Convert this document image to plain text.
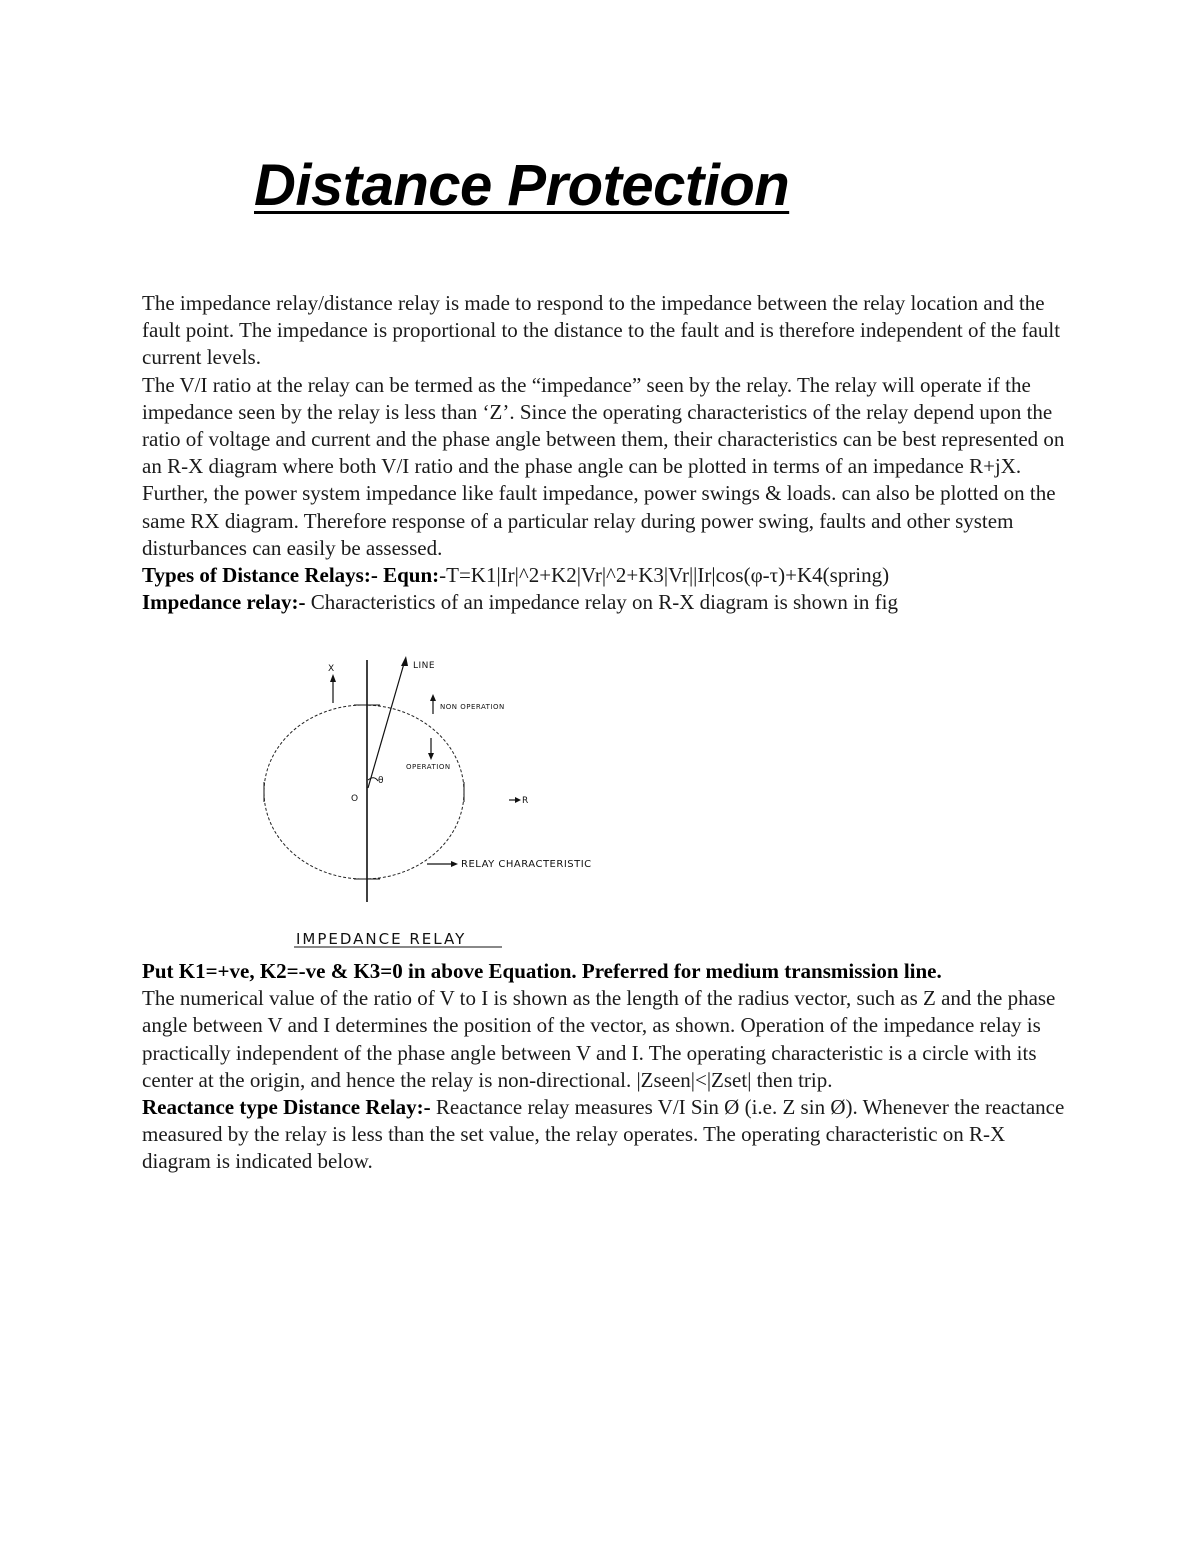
Distance Protection

The impedance relay/distance relay is made to respond to the impedance between the relay location and the fault point. The impedance is proportional to the distance to the fault and is therefore independent of the fault current levels.

The V/I ratio at the relay can be termed as the “impedance” seen by the relay. The relay will operate if the impedance seen by the relay is less than ‘Z’. Since the operating characteristics of the relay depend upon the ratio of voltage and current and the phase angle between them, their characteristics can be best represented on an R-X diagram where both V/I ratio and the phase angle can be plotted in terms of an impedance R+jX. Further, the power system impedance like fault impedance, power swings & loads. can also be plotted on the same RX diagram. Therefore response of a particular relay during power swing, faults and other system disturbances can easily be assessed.

Types of Distance Relays:- Equn:-T=K1|Ir|^2+K2|Vr|^2+K3|Vr||Ir|cos(φ-τ)+K4(spring)

Impedance relay:- Characteristics of an impedance relay on R-X diagram is shown in fig

X	LINE
θ
O
NON OPERATION
OPERATION
R
RELAY CHARACTERISTIC
IMPEDANCE RELAY

Put K1=+ve, K2=-ve & K3=0 in above Equation. Preferred for medium transmission line.

The numerical value of the ratio of V to I is shown as the length of the radius vector, such as Z and the phase angle between V and I determines the position of the vector, as shown. Operation of the impedance relay is practically independent of the phase angle between V and I. The operating characteristic is a circle with its center at the origin, and hence the relay is non-directional. |Zseen|<|Zset| then trip.

Reactance type Distance Relay:- Reactance relay measures V/I Sin Ø (i.e. Z sin Ø). Whenever the reactance measured by the relay is less than the set value, the relay operates. The operating characteristic on R-X diagram is indicated below.
